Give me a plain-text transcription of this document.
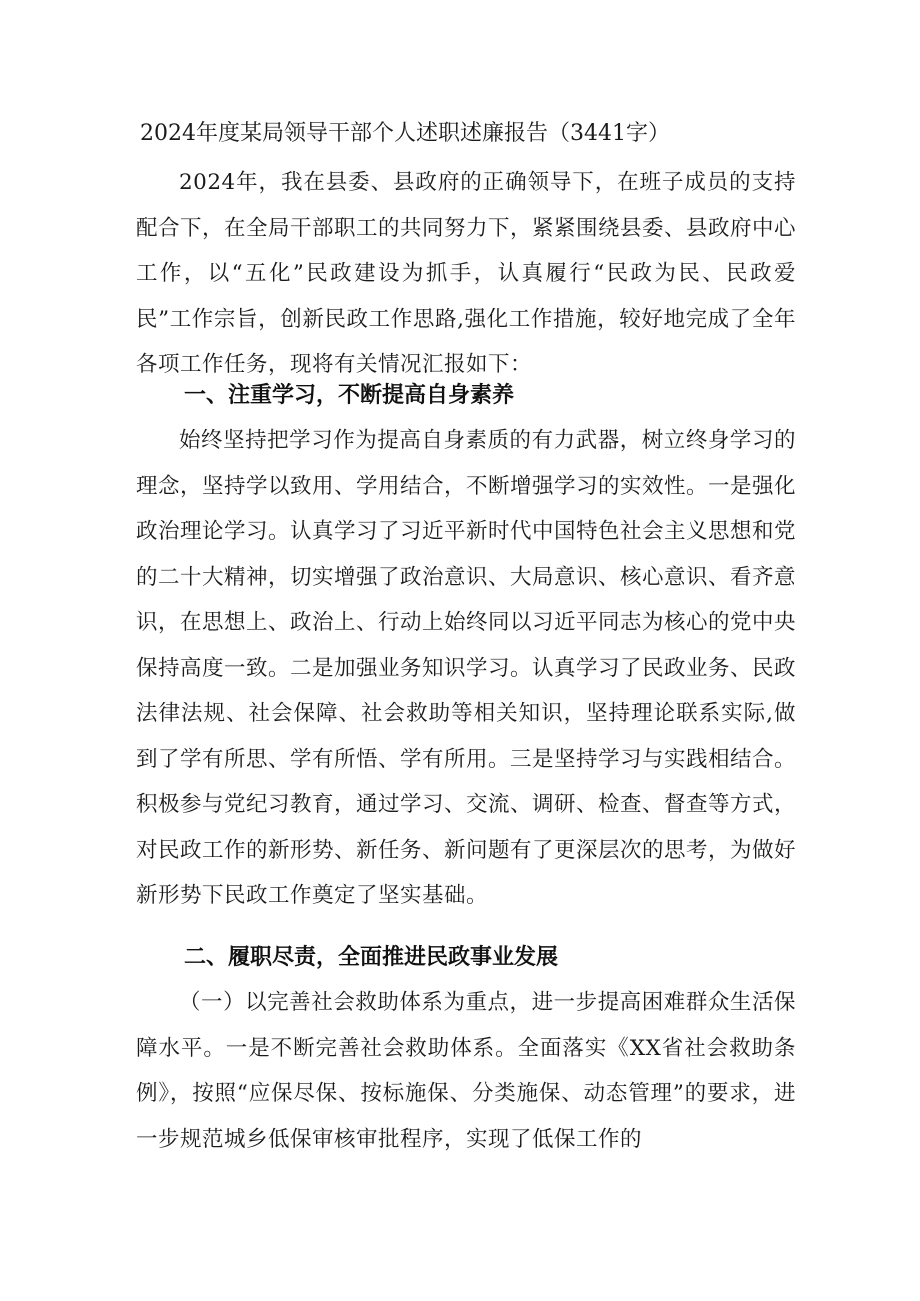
2024年度某局领导干部个人述职述廉报告（3441字）

2024年，我在县委、县政府的正确领导下，在班子成员的支持配合下，在全局干部职工的共同努力下，紧紧围绕县委、县政府中心工作，以“五化”民政建设为抓手，认真履行“民政为民、民政爱民”工作宗旨，创新民政工作思路,强化工作措施，较好地完成了全年各项工作任务，现将有关情况汇报如下：

一、注重学习，不断提高自身素养

始终坚持把学习作为提高自身素质的有力武器，树立终身学习的理念，坚持学以致用、学用结合，不断增强学习的实效性。一是强化政治理论学习。认真学习了习近平新时代中国特色社会主义思想和党的二十大精神，切实增强了政治意识、大局意识、核心意识、看齐意识，在思想上、政治上、行动上始终同以习近平同志为核心的党中央保持高度一致。二是加强业务知识学习。认真学习了民政业务、民政法律法规、社会保障、社会救助等相关知识，坚持理论联系实际,做到了学有所思、学有所悟、学有所用。三是坚持学习与实践相结合。积极参与党纪习教育，通过学习、交流、调研、检查、督查等方式，对民政工作的新形势、新任务、新问题有了更深层次的思考，为做好新形势下民政工作奠定了坚实基础。

二、履职尽责，全面推进民政事业发展

（一）以完善社会救助体系为重点，进一步提高困难群众生活保障水平。一是不断完善社会救助体系。全面落实《XX省社会救助条例》，按照“应保尽保、按标施保、分类施保、动态管理”的要求，进一步规范城乡低保审核审批程序，实现了低保工作的
